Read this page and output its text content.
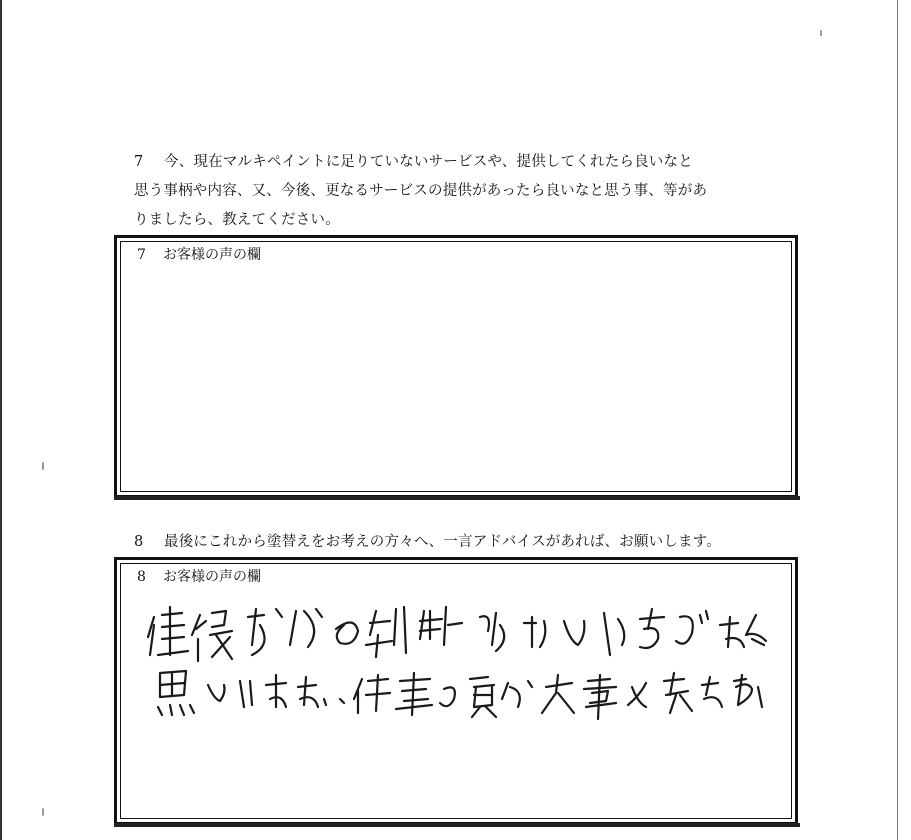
7 今、現在マルキペイントに足りていないサービスや、提供してくれたら良いなと
思う事柄や内容、又、今後、更なるサービスの提供があったら良いなと思う事、等があ
りましたら、教えてください。
7 お客様の声の欄
8 最後にこれから塗替えをお考えの方々へ、一言アドバイスがあれば、お願いします。
8 お客様の声の欄
